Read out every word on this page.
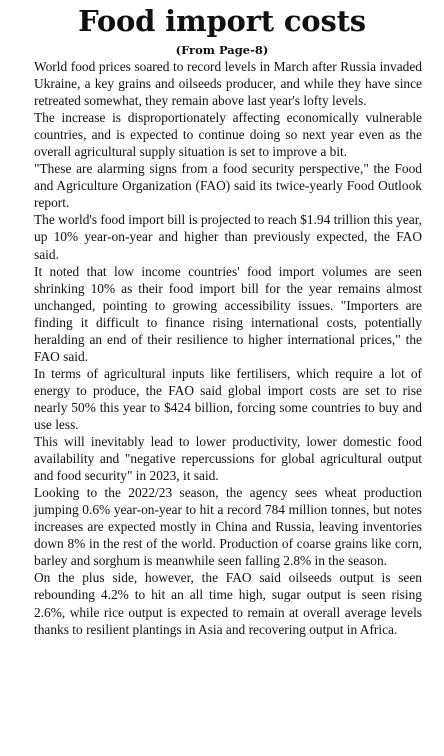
Food import costs
(From Page-8)

World food prices soared to record levels in March after Russia invaded Ukraine, a key grains and oilseeds producer, and while they have since retreated somewhat, they remain above last year's lofty levels.

The increase is disproportionately affecting economically vulnerable countries, and is expected to continue doing so next year even as the overall agricultural supply situation is set to improve a bit.

"These are alarming signs from a food security perspective," the Food and Agriculture Organization (FAO) said its twice-yearly Food Outlook report.

The world's food import bill is projected to reach $1.94 trillion this year, up 10% year-on-year and higher than previously expected, the FAO said.

It noted that low income countries' food import volumes are seen shrinking 10% as their food import bill for the year remains almost unchanged, pointing to growing accessibility issues. "Importers are finding it difficult to finance rising international costs, potentially heralding an end of their resilience to higher international prices," the FAO said.

In terms of agricultural inputs like fertilisers, which require a lot of energy to produce, the FAO said global import costs are set to rise nearly 50% this year to $424 billion, forcing some countries to buy and use less.

This will inevitably lead to lower productivity, lower domestic food availability and "negative repercussions for global agricultural output and food security" in 2023, it said.

Looking to the 2022/23 season, the agency sees wheat production jumping 0.6% year-on-year to hit a record 784 million tonnes, but notes increases are expected mostly in China and Russia, leaving inventories down 8% in the rest of the world. Production of coarse grains like corn, barley and sorghum is meanwhile seen falling 2.8% in the season.

On the plus side, however, the FAO said oilseeds output is seen rebounding 4.2% to hit an all time high, sugar output is seen rising 2.6%, while rice output is expected to remain at overall average levels thanks to resilient plantings in Asia and recovering output in Africa.
